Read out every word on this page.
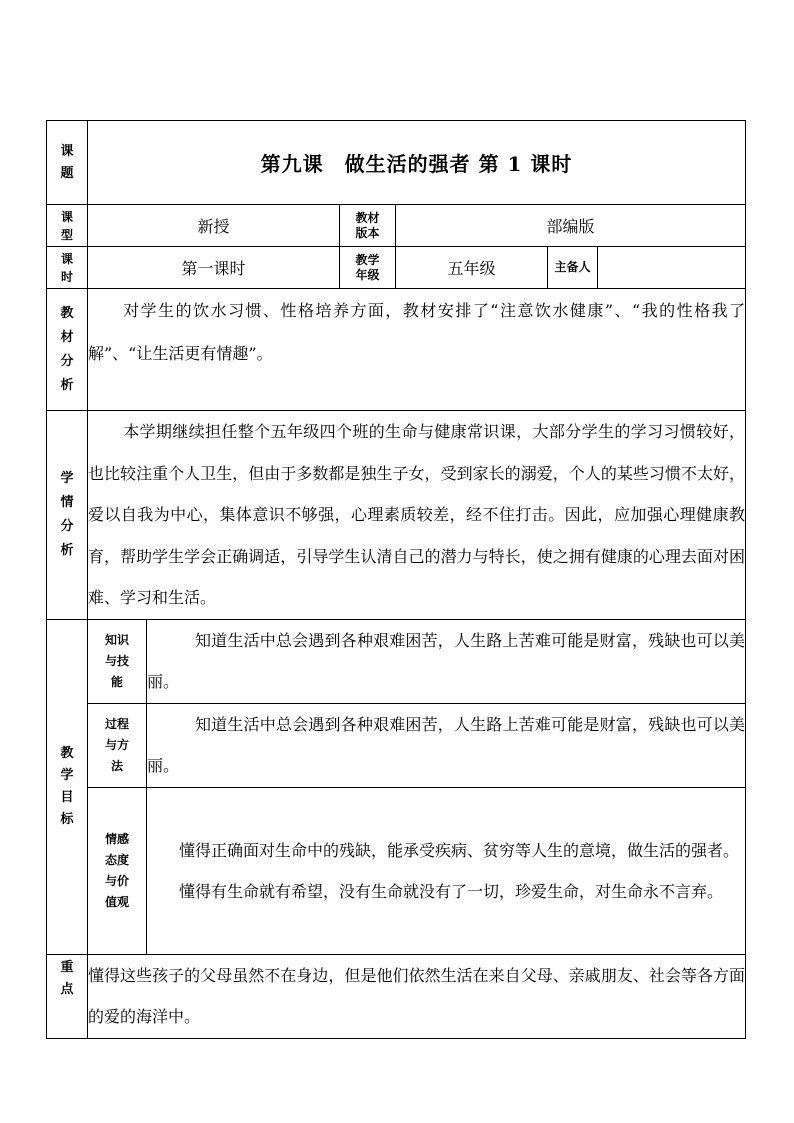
课题	第九课　做生活的强者 第 1 课时					

课型	新授		教材版本	部编版		

课时	第一课时		教学年级	五年级	主备人	

教材分析	对学生的饮水习惯、性格培养方面，教材安排了“注意饮水健康”、“我的性格我了解”、“让生活更有情趣”。					

学情分析	本学期继续担任整个五年级四个班的生命与健康常识课，大部分学生的学习习惯较好，也比较注重个人卫生，但由于多数都是独生子女，受到家长的溺爱，个人的某些习惯不太好，爱以自我为中心，集体意识不够强，心理素质较差，经不住打击。因此，应加强心理健康教育，帮助学生学会正确调适，引导学生认清自己的潜力与特长，使之拥有健康的心理去面对困难、学习和生活。					

教学目标	知识与技能	知道生活中总会遇到各种艰难困苦，人生路上苦难可能是财富，残缺也可以美丽。				

	过程与方法	知道生活中总会遇到各种艰难困苦，人生路上苦难可能是财富，残缺也可以美丽。				

	情感态度与价值观	懂得正确面对生命中的残缺，能承受疾病、贫穷等人生的意境，做生活的强者。

懂得有生命就有希望，没有生命就没有了一切，珍爱生命，对生命永不言弃。				

重点	懂得这些孩子的父母虽然不在身边，但是他们依然生活在来自父母、亲戚朋友、社会等各方面的爱的海洋中。					
